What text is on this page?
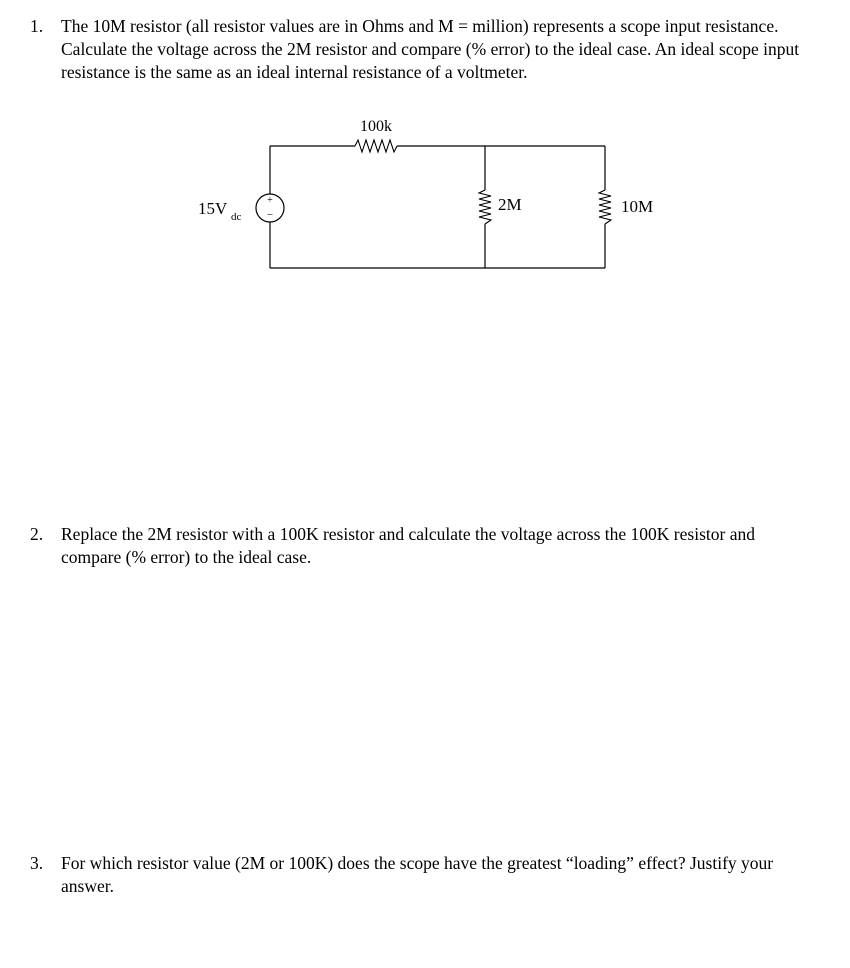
1.	The 10M resistor (all resistor values are in Ohms and M = million) represents a scope input resistance. Calculate the voltage across the 2M resistor and compare (% error) to the ideal case. An ideal scope input resistance is the same as an ideal internal resistance of a voltmeter.
+
−
15V dc
100k
2M	10M
2.	Replace the 2M resistor with a 100K resistor and calculate the voltage across the 100K resistor and compare (% error) to the ideal case.
3.	For which resistor value (2M or 100K) does the scope have the greatest “loading” effect? Justify your answer.
